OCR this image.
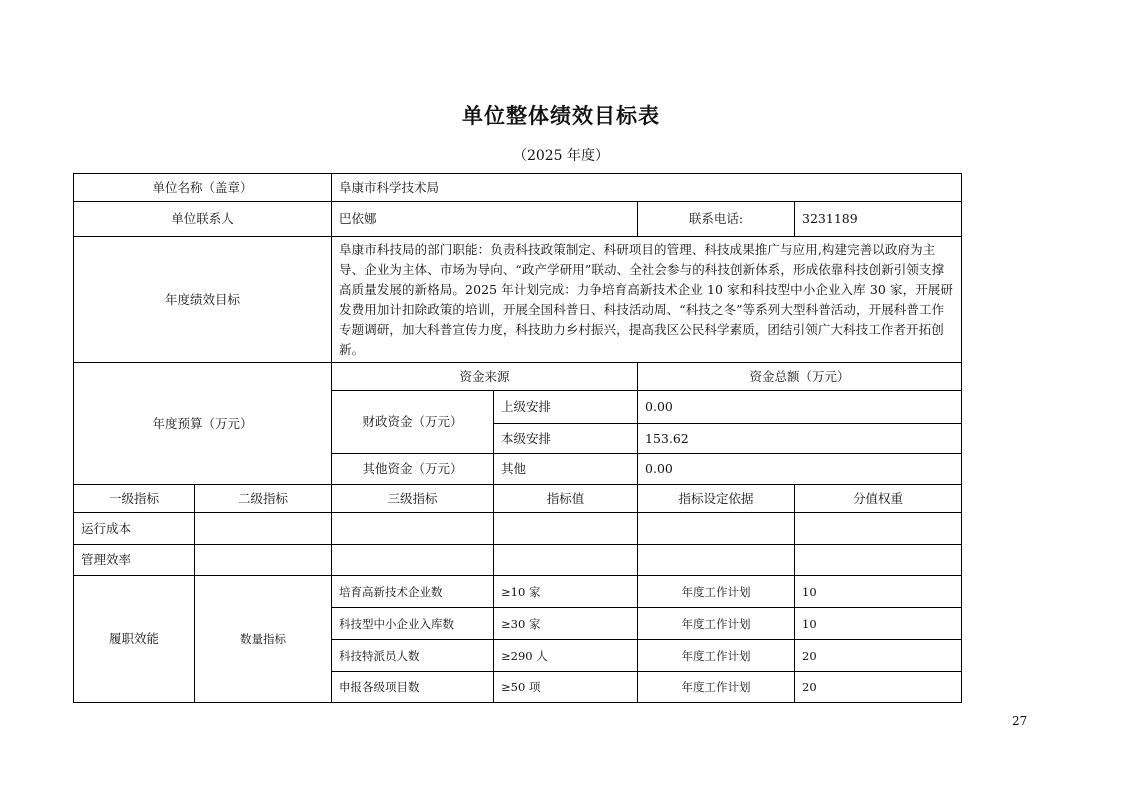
单位整体绩效目标表
（2025 年度）
单位名称（盖章）		阜康市科学技术局			
单位联系人		巴依娜		联系电话:	3231189
年度绩效目标		阜康市科技局的部门职能：负责科技政策制定、科研项目的管理、科技成果推广与应用,构建完善以政府为主导、企业为主体、市场为导向、“政产学研用”联动、全社会参与的科技创新体系，形成依靠科技创新引领支撑高质量发展的新格局。2025 年计划完成：力争培育高新技术企业 10 家和科技型中小企业入库 30 家，开展研发费用加计扣除政策的培训，开展全国科普日、科技活动周、“科技之冬”等系列大型科普活动，开展科普工作专题调研，加大科普宣传力度，科技助力乡村振兴，提高我区公民科学素质，团结引领广大科技工作者开拓创新。			
年度预算（万元）		资金来源		资金总额（万元）	
		财政资金（万元）	上级安排	0.00	
			本级安排	153.62	
		其他资金（万元）	其他	0.00	
一级指标	二级指标	三级指标	指标值	指标设定依据	分值权重
运行成本					
管理效率					
履职效能	数量指标	培育高新技术企业数	≥10 家	年度工作计划	10
		科技型中小企业入库数	≥30 家	年度工作计划	10
		科技特派员人数	≥290 人	年度工作计划	20
		申报各级项目数	≥50 项	年度工作计划	20
27
